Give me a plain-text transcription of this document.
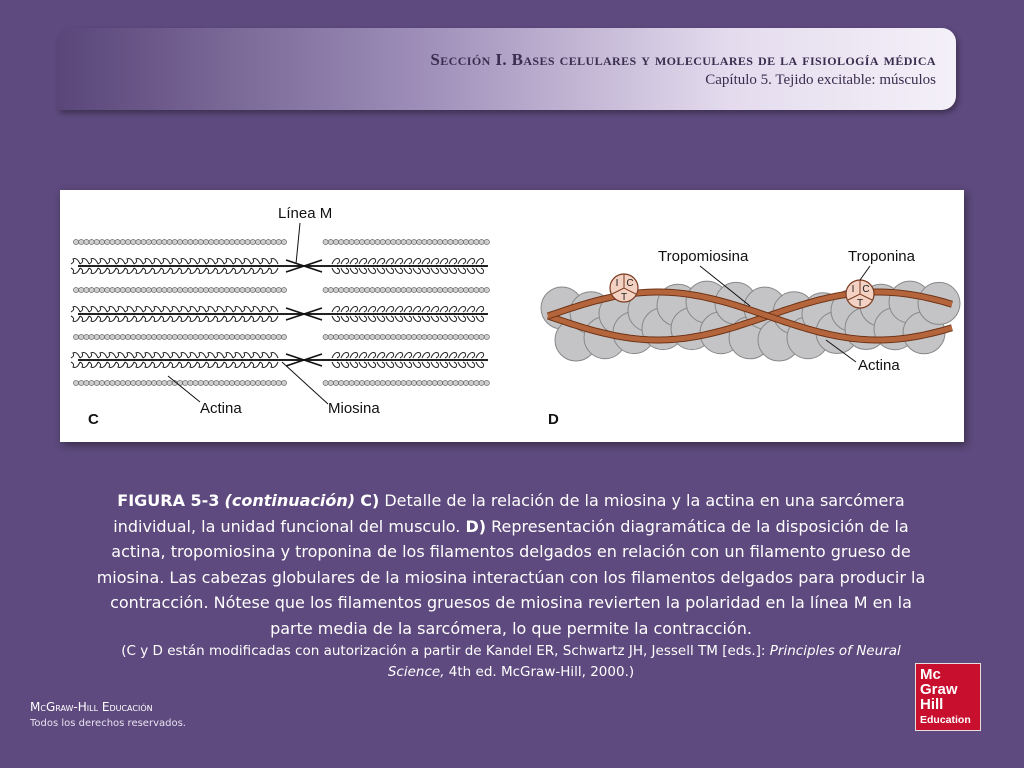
Sección I. Bases celulares y moleculares de la fisiología médica
Capítulo 5. Tejido excitable: músculos
I C
T
I C
T
Línea M
Actina	Miosina
C
Tropomiosina	Troponina
Actina
D
FIGURA 5-3 (continuación) C) Detalle de la relación de la miosina y la actina en una sarcómera individual, la unidad funcional del musculo. D) Representación diagramática de la disposición de la actina, tropomiosina y troponina de los filamentos delgados en relación con un filamento grueso de miosina. Las cabezas globulares de la miosina interactúan con los filamentos delgados para producir la contracción. Nótese que los filamentos gruesos de miosina revierten la polaridad en la línea M en la parte media de la sarcómera, lo que permite la contracción.
(C y D están modificadas con autorización a partir de Kandel ER, Schwartz JH, Jessell TM [eds.]: Principles of Neural Science, 4th ed. McGraw-Hill, 2000.)
McGraw-Hill Educación
Todos los derechos reservados.
Mc
Graw
Hill
Education
